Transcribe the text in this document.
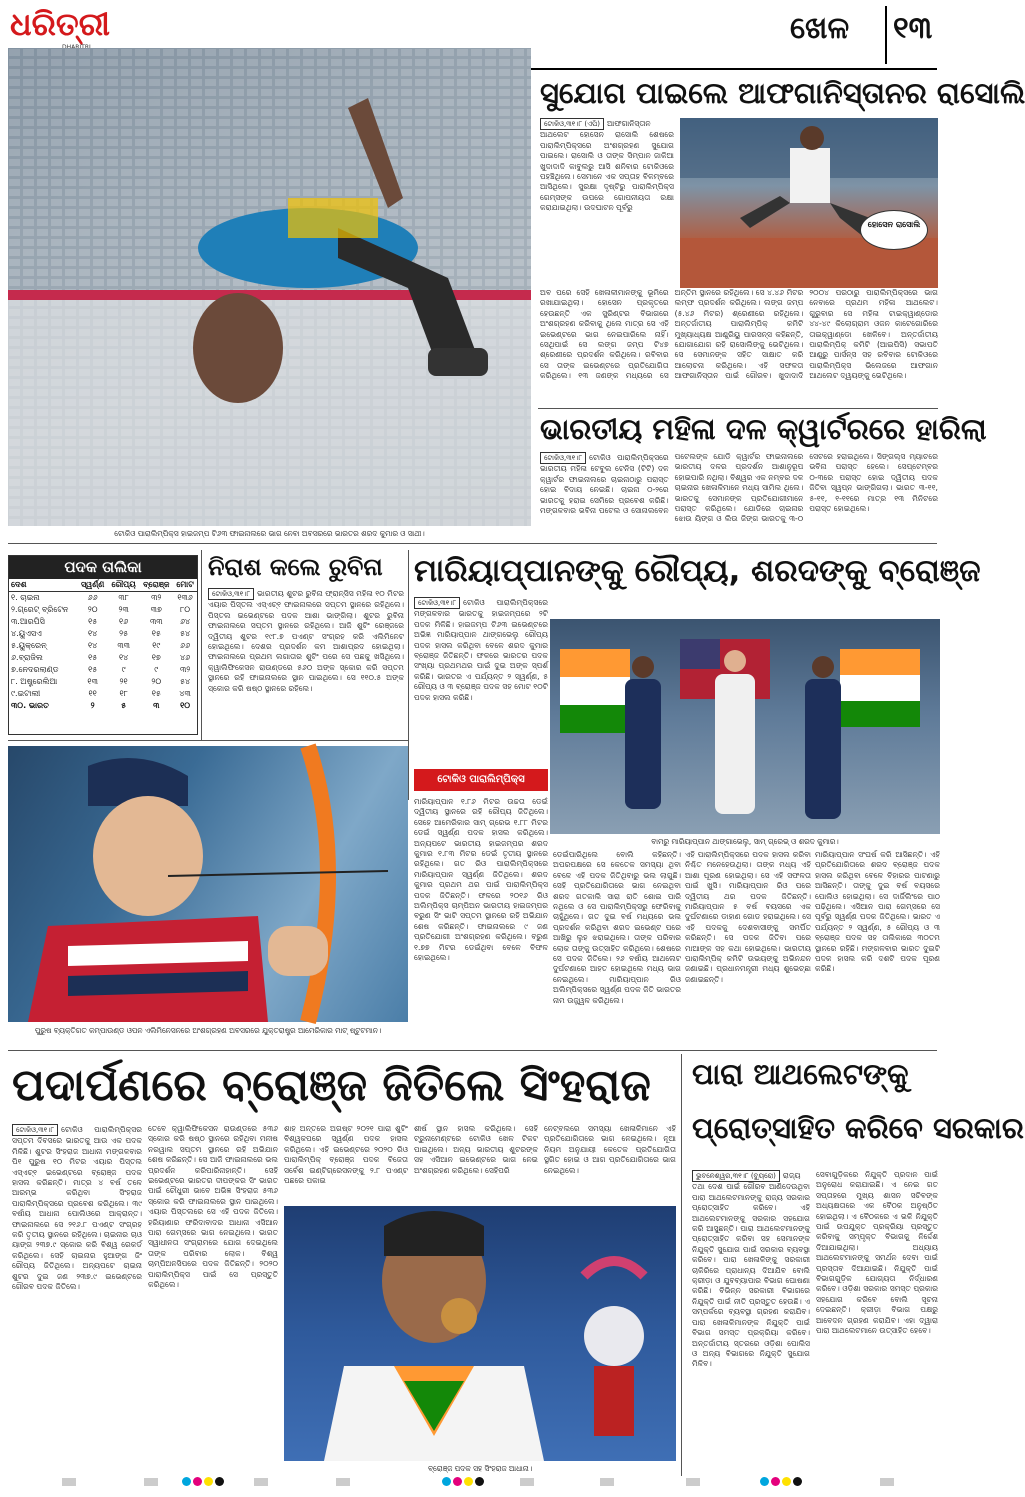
ଧରିତ୍ରୀ	ଖେଳ ୧୩
ଟୋକିଓ ପାରାଲିମ୍ପିକ୍ସ ହାଇଜମ୍ପ ଟି୬୩ ଫାଇନାଲରେ ଭାଗ ନେବା ଅବସରରେ ଭାରତର ଶରଦ କୁମାର ଓ ସାଥୀ।
ସୁଯୋଗ ପାଇଲେ ଆଫଗାନିସ୍ତାନର ରାସୋଲି
ଟୋକିଓ,୩୧।୮ (ଏପି) ଆଫଗାନିସ୍ତାନ ଆଥଲେଟ ହୋସେନ ରାସୋଲି ଶେଷରେ ପାରାଲିମ୍ପିକ୍ସରେ ଅଂଶଗ୍ରହଣ ସୁଯୋଗ ପାଇଲେ। ରାସୋଲି ଓ ତାଙ୍କ ସିମ୍ପାନ ଜାକିଆ ଖୁଦାଦାଦି କାବୁଲରୁ ଆସି ଶନିବାର ଟୋକିଓରେ ପହଞ୍ଚିଥିଲେ। ସେମାନେ ଏକ ସପ୍ତାହ ବିଳମ୍ବରେ ଆସିଥିଲେ। ସୁରକ୍ଷା ଦୃଷ୍ଟିରୁ ପାରାଲିମ୍ପିକ୍ସ ଗେମ୍ସଙ୍କ ଉପରେ ଗୋପନୀୟତା ରକ୍ଷା କରାଯାଇଥିଲା। ଉଦଘାଟନ ପୂର୍ବରୁ
ହୋସେନ ରାସୋଲି
ଅବ ପରେ ସେହି ଖେଳାଳୀମାନଙ୍କୁ ଭୂମିରେ ରଖାଯାଇଥିଲା। ହୋସେନ ପ୍ରକୃତରେ ହେଉଛନ୍ତି ଏକ ସ୍ପ୍ରିଣ୍ଟର ବିଭାଗରେ ଅଂଶଗ୍ରହଣ କରିବାକୁ ଥିଲେ ମାତ୍ର ସେ ଏହି ଇଭେଣ୍ଟରେ ଭାଗ ନେଇପାରିଲେ ନାହିଁ। ସେଥିପାଇଁ ସେ ଲଙ୍ଗ ଜମ୍ପ ଟି୪୭ ଶ୍ରେଣୀରେ ପ୍ରଦର୍ଶନ କରିଥିଲେ। ରବିବାର ସେ ତାଙ୍କ ଇଭେଣ୍ଟରେ ପ୍ରତିଯୋଗିତା କରିଥିଲେ। ୧୩ ଜଣଙ୍କ ମଧ୍ୟରେ ସେ ଅନ୍ତିମ ସ୍ଥାନରେ ରହିଥିଲେ। ସେ ୪.୪୬ ମିଟର ଲମ୍ଫ ପ୍ରଦର୍ଶନ କରିଥିଲେ। ଲଙ୍ଗ ଜମ୍ପ (୫.୪୬ ମିଟର) ଶ୍ରେଣୀରେ ରହିଥିଲେ। ଅନ୍ତର୍ଜାତୀୟ ପାରାଲିମ୍ପିକ୍ କମିଟି ମୁଖ୍ୟାଧ୍ୟକ୍ଷ ଆଣ୍ଡ୍ରିୟୁ ପାରସନ୍ସ କହିଛନ୍ତି, ଯୋଗାଯୋଗ ରହି ରାସୋଲିଙ୍କୁ ଭେଟିଥିଲେ। ସେ ସେମାନଙ୍କ ସହିତ ସାକ୍ଷାତ କରି ଆଲୋଚନା କରିଥିଲେ। ଏହି ସଫଳତା ଆଫଗାନିସ୍ତାନ ପାଇଁ ଗୌରବ। ଖୁଦାଦାଦି ୨୦୦୪ ପରଠାରୁ ପାରାଲିମ୍ପିକ୍ସରେ ଭାଗ ନେବାରେ ପ୍ରଥମ ମହିଳା ଆଥଲେଟ। ଗୁରୁବାର ସେ ମହିଳା ଟାଇକ୍ୱାଣ୍ଡୋର ୪୪-୪୯ କିଲୋଗ୍ରାମ ଓଜନ କାଟେଗୋରିରେ ତାଇକ୍ୱାଣ୍ଡୋ ଖେଳିବେ। ଅନ୍ତର୍ଜାତୀୟ ପାରାଲିମ୍ପିକ୍ କମିଟି (ଆଇପିସି) ସଭାପତି ଆଣ୍ଡ୍ରୁ ପାର୍ସନ୍ସ ସହ ରବିବାର ଟୋକିଓରେ ପାରାଲିମ୍ପିକ୍ସ ଭିଲେଜରେ ଆଫଗାନ ଆଥଲେଟ ଦ୍ୱୟଙ୍କୁ ଭେଟିଥିଲେ।
ଭାରତୀୟ ମହିଳା ଦଳ କ୍ୱାର୍ଟରରେ ହାରିଲା
ଟୋକିଓ,୩୧।୮ ଟୋକିଓ ପାରାଲିମ୍ପିକ୍ସରେ ଭାରତୀୟ ମହିଳା ଟେବୁଲ ଟେନିସ (ଟିଟି) ଦଳ କ୍ୱାର୍ଟର ଫାଇନାଲରେ ଚାଇନାଠାରୁ ପରାସ୍ତ ହୋଇ ବିଦାୟ ନେଇଛି। ଚାଇନା ୦-୨ରେ ଭାରତକୁ ହରାଇ ସେମିରେ ପ୍ରବେଶ କରିଛି। ମଙ୍ଗଳବାର ଭବିନା ପଟେଲ ଓ ସୋନାଲବେନ ପଟେଲଙ୍କ ଯୋଡି କ୍ୱାର୍ଟର ଫାଇନାଲରେ ଭାରତୀୟ ଦଳର ପ୍ରଦର୍ଶନ ଆଶାନୁରୂପ ହୋଇପାରି ନଥିଲା। ବିଶ୍ୱର ଏକ ନମ୍ବର ଦଳ ଚାଇନାର ଖେଳାଳିମାନେ ମଧ୍ୟ ସାମିଲ ଥିଲେ। ଭାରତକୁ ସେମାନଙ୍କ ପ୍ରତିଯୋଗୀମାନେ ପରାସ୍ତ କରିଥିଲେ। ଯୋଡିରେ ଚାଇନାର ଝୋଉ ୟିଙ୍ଗ ଓ ଲିଉ ଜିଙ୍ଗ ଭାରତକୁ ୩-୦ ସେଟରେ ହରାଇଥିଲେ। ସିଙ୍ଗଲ୍ସ ମ୍ୟାଚରେ ଭବିନା ପରାସ୍ତ ହେଲେ। ସେପ୍ଟେମ୍ବର ୦-୩ରେ ପରାସ୍ତ ହୋଇ ଦ୍ୱିତୀୟ ପଦକ ଜିତିବା ସ୍ୱପ୍ନ ଭାଙ୍ଗିଗଲା। ଭାରତ ୩-୧୧, ୫-୧୧, ୧-୧୧ରେ ମାତ୍ର ୧୩ ମିନିଟରେ ପରାସ୍ତ ହୋଇଥିଲେ।
ପଦକ ତାଲିକା
ଦେଶ	ସ୍ୱର୍ଣ୍ଣ	ରୌପ୍ୟ	ବ୍ରୋଞ୍ଜ	ମୋଟ
୧. ଚାଇନା	୬୬	୩୮	୩୨	୧୩୬
୨.ଗ୍ରେଟ୍ ବ୍ରିଟେନ	୨୦	୨୩	୩୭	୮୦
୩.ଆରପିସି	୧୫	୧୬	୩୩	୬୪
୪.ୟୁଏସଏ	୧୪	୨୫	୧୫	୫୪
୫.ୟୁକ୍ରେନ୍	୧୪	୩୩	୧୯	୬୬
୬.ବ୍ରାଜିଲ	୧୫	୧୪	୧୭	୪୬
୭.ନେଦରଲାଣ୍ଡ	୧୫	୯	୯	୩୨
୮. ଅଷ୍ଟ୍ରେଲିଆ	୧୩	୨୧	୨୦	୫୪
୯.ଇଟାଲୀ	୧୧	୧୮	୧୫	୪୩
୩୦. ଭାରତ	୨	୫	୩	୧୦
ନିରାଶ କଲେ ରୁବିନା
ଟୋକିଓ,୩୧।୮ ଭାରତୀୟ ଶୁଟର ରୁବିନା ଫ୍ରାନ୍ସିସ ମହିଳା ୧୦ ମିଟର ଏୟାର ପିସ୍ତଲ ଏସ୍‌ଏଚ୍‌୧ ଫାଇନାଲରେ ସପ୍ତମ ସ୍ଥାନରେ ରହିଥିଲେ। ପିସ୍ତଲ ଇଭେଣ୍ଟରେ ପଦକ ଆଶା ଭାଙ୍ଗିଲା। ଶୁଟର ରୁବିନା ଫାଇନାଲରେ ସପ୍ତମ ସ୍ଥାନରେ ରହିଥିଲେ। ଆଜି ଶୁଟିଂ ରେଞ୍ଜରେ ଦ୍ୱିତୀୟ ଶୁଟର ୧୯୮.୭ ପଏଣ୍ଟ ସଂଗ୍ରହ କରି ଏଲିମିନେଟ ହୋଇଥିଲେ। ଦେଶର ପ୍ରଦର୍ଶନ କମ ଆଶାପ୍ରଦ ହୋଇଥିଲା। ଫାଇନାଲରେ ପ୍ରଥମ ଲଗାତାର ଶୁଟିଂ ପରେ ସେ ପଛକୁ ଖସିଥିଲେ। କ୍ୱାଲିଫିକେସନ ରାଉଣ୍ଡରେ ୫୬୦ ଅଙ୍କ ସ୍କୋର କରି ସପ୍ତମ ସ୍ଥାନରେ ରହି ଫାଇନାଲରେ ସ୍ଥାନ ପାଇଥିଲେ। ସେ ୧୧୦.୫ ଅଙ୍କ ସ୍କୋର କରି ଷଷ୍ଠ ସ୍ଥାନରେ ରହିଲେ।
ମାରିୟାପ୍ପାନଙ୍କୁ ରୌପ୍ୟ, ଶରଦଙ୍କୁ ବ୍ରୋଞ୍ଜ
ଟୋକିଓ,୩୧।୮ ଟୋକିଓ ପାରାଲିମ୍ପିକ୍ସରେ ମଙ୍ଗଳବାର ଭାରତକୁ ହାଇଜମ୍ପରେ ୨ଟି ପଦକ ମିଳିଛି। ହାଇଜମ୍ପ ଟି୬୩ ଇଭେଣ୍ଟରେ ଅଭିଜ୍ଞ ମାରିୟାପ୍ପାନ ଥାଙ୍ଗଭେଲୁ ରୌପ୍ୟ ପଦକ ହାସଲ କରିଥିବା ବେଳେ ଶରଦ କୁମାର ବ୍ରୋଞ୍ଜ ଜିତିଛନ୍ତି। ଫଳରେ ଭାରତର ପଦକ ସଂଖ୍ୟା ପ୍ରଥମଥର ପାଇଁ ଦୁଇ ଅଙ୍କ ସ୍ପର୍ଶ କରିଛି। ଭାରତର ଏ ପର୍ଯ୍ୟନ୍ତ ୨ ସ୍ୱର୍ଣ୍ଣ, ୫ ରୌପ୍ୟ ଓ ୩ ବ୍ରୋଞ୍ଜ ପଦକ ସହ ମୋଟ ୧୦ଟି ପଦକ ହାସଲ କରିଛି।
ବାମରୁ ମାରିୟାପ୍ପାନ ଥାଙ୍ଗାଭେଲୁ, ସାମ୍ ଗ୍ରେଭ୍ ଓ ଶରଦ କୁମାର।
ଟୋକିଓ ପାରାଲିମ୍ପିକ୍ସ
ମାରିୟାପ୍ପାନ ୧.୮୬ ମିଟର ଉଚ୍ଚତା ଡେଇଁ ଦ୍ୱିତୀୟ ସ୍ଥାନରେ ରହି ରୌପ୍ୟ ଜିତିଥିଲେ। ସେହେ ଆମେରିକାର ସାମ୍ ଗ୍ରେଭ ୧.୮୮ ମିଟର ଡେଇଁ ସ୍ୱର୍ଣ୍ଣ ପଦକ ହାସଲ କରିଥିଲେ। ଅନ୍ୟପଟେ ଭାରତୀୟ ହାଇଜମ୍ପର ଶରଦ କୁମାର ୧.୮୩ ମିଟର ଡେଇଁ ତୃତୀୟ ସ୍ଥାନରେ ରହିଥିଲେ। ଗତ ରିଓ ପାରାଲିମ୍ପିକ୍ସରେ ମାରିୟାପ୍ପାନ ସ୍ୱର୍ଣ୍ଣ ଜିତିଥିଲେ। ଶରଦ କୁମାର ପ୍ରଥମ ଥର ପାଇଁ ପାରାଲିମ୍ପିକ୍ସ ପଦକ ଜିତିଛନ୍ତି। ଫଳରେ ୨୦୧୬ ରିଓ ଅଲିମ୍ପିକ୍ସ ଚାମ୍ପିଅନ ଭାରତୀୟ ହାଇଜମ୍ପର ବରୁଣ ସିଂ ଭାଟି ସପ୍ତମ ସ୍ଥାନରେ ରହି ଅଭିଯାନ ଶେଷ କରିଛନ୍ତି। ଫାଇନାଲରେ ୯ ଜଣ ପ୍ରତିଯୋଗୀ ଅଂଶଗ୍ରହଣ କରିଥିଲେ। ବରୁଣ ୧.୭୭ ମିଟର ଡେଇଁଥିବା ବେଳେ ବିଫଳ ହୋଇଥିଲେ।
ଡେଇଁପାରିଥିଲେ ବୋଲି କହିଛନ୍ତି। ଅପରପକ୍ଷରେ ସେ କେତେକ ସମସ୍ୟା ଥିବା ବେଳେ ଏହି ପଦକ ଜିତିଥିବାରୁ ଭଲ ଲାଗୁଛି। ସେହି ପ୍ରତିଯୋଗିତାରେ ଭାଗ ନେଇଥିବା ଶରଦ ଗତକାଲି ସାରା ରାତି ଶୋଇ ପାରି ନଥିଲେ ଓ ସେ ପାରାଲିମ୍ପିକ୍ସରୁ ଫେରିବାକୁ ଚାହୁଁଥିଲେ। ଗତ ଦୁଇ ବର୍ଷ ମଧ୍ୟରେ ଭଲ ପ୍ରଦର୍ଶନ କରିଥିବା ଶରଦ ଇଭେଣ୍ଟ ପରେ ଆଖିରୁ ଲୁହ ଝରାଇଥିଲେ। ତାଙ୍କ ପରିବାର ଲୋକ ତାଙ୍କୁ ଉତ୍ସାହିତ କରିଥିଲେ। ଶେଷରେ ସେ ପଦକ ଜିତିଲେ। ୨୬ ବର୍ଷୀୟ ଆଥଲେଟ ଦୁର୍ଘଟଣାରେ ଆହତ ହୋଇଥିଲେ ମଧ୍ୟ ଭାଗ ନେଇଥିଲେ। ମାରିୟାପ୍ପାନ ରିଓ ଅଲିମ୍ପିକ୍ସରେ ସ୍ୱର୍ଣ୍ଣ ପଦକ ଜିତି ଭାରତର ନାମ ଉଜ୍ଜ୍ୱଳ କରିଥିଲେ।
ଏହି ପାରାଲିମ୍ପିକ୍ସରେ ପଦକ ହାସଲ କରିବା ନିଶ୍ଚିତ ମନେହେଉଥିଲା। ତାଙ୍କ ମଧ୍ୟ ଏହି ଆଶା ପୂରଣ ହୋଇଥିଲା। ସେ ଏହି ସଫଳତା ପାଇଁ ଖୁସି। ମାରିୟାପ୍ପାନ ରିଓ ପରେ ଦ୍ୱିତୀୟ ଥର ପଦକ ଜିତିଛନ୍ତି। ମାରିୟାପ୍ପାନ ୫ ବର୍ଷ ବୟସରେ ଏକ ଦୁର୍ଘଟଣାରେ ଡାହାଣ ଗୋଡ ହରାଇଥିଲେ। ସେ ଏହି ପଦକକୁ ଦେଶବାସୀଙ୍କୁ ସମର୍ପିତ କରିଛନ୍ତି। ସେ ପଦକ ଜିତିବା ପରେ ମାଆଙ୍କ ସହ କଥା ହୋଇଥିଲେ। ଭାରତୀୟ ପାରାଲିମ୍ପିକ୍ କମିଟି ଉଭୟଙ୍କୁ ଅଭିନନ୍ଦନ ଜଣାଇଛି। ପ୍ରଧାନମନ୍ତ୍ରୀ ମଧ୍ୟ ଶୁଭେଚ୍ଛା ଜଣାଇଛନ୍ତି।
ମାରିୟାପ୍ପାନ ସଂଘର୍ଷ କରି ଆସିଛନ୍ତି। ଏହି ପ୍ରତିଯୋଗିତାରେ ଶରଦ ବ୍ରୋଞ୍ଜ ପଦକ ହାସଲ କରିଥିବା ବେଳେ ବିହାରର ପାଟଣାରୁ ଆସିଛନ୍ତି। ତାଙ୍କୁ ଦୁଇ ବର୍ଷ ବୟସରେ ପୋଲିଓ ହୋଇଥିଲା। ସେ ଦାର୍ଜିଲିଂରେ ପାଠ ପଢିଥିଲେ। ଏସିଆନ ପାରା ଗେମ୍ସରେ ସେ ପୂର୍ବରୁ ସ୍ୱର୍ଣ୍ଣ ପଦକ ଜିତିଥିଲେ। ଭାରତ ଏ ପର୍ଯ୍ୟନ୍ତ ୨ ସ୍ୱର୍ଣ୍ଣ, ୫ ରୌପ୍ୟ ଓ ୩ ବ୍ରୋଞ୍ଜ ପଦକ ସହ ତାଲିକାରେ ୩୦ତମ ସ୍ଥାନରେ ରହିଛି। ମଙ୍ଗଳବାର ଭାରତ ଦୁଇଟି ପଦକ ହାସଲ କରି ଦଶଟି ପଦକ ପୂରଣ କରିଛି।
ପୁରୁଷ ବ୍ୟକ୍ତିଗତ କମ୍ପାଉଣ୍ଡ ଓପନ ଏଲିମିନେସନରେ ଅଂଶଗ୍ରହଣ ଅବସରରେ ଯୁକ୍ତରାଷ୍ଟ୍ର ଆମେରିକାର ମାଟ୍ ଷ୍ଟୁଟମାନ।
ପଦାର୍ପଣରେ ବ୍ରୋଞ୍ଜ ଜିତିଲେ ସିଂହରାଜ
ଟୋକିଓ,୩୧।୮ ଟୋକିଓ ପାରାଲିମ୍ପିକ୍ସର ସପ୍ତମ ଦିବସରେ ଭାରତକୁ ଆଉ ଏକ ପଦକ ମିଳିଛି। ଶୁଟର ସିଂହରାଜ ଆଧାନା ମଙ୍ଗଳବାର ପି୧ ପୁରୁଷ ୧୦ ମିଟର ଏୟାର ପିସ୍ତଲ ଏସ୍‌ଏଚ୍‌୧ ଇଭେଣ୍ଟରେ ବ୍ରୋଞ୍ଜ ପଦକ ହାସଲ କରିଛନ୍ତି। ମାତ୍ର ୪ ବର୍ଷ ତଳେ ଆରମ୍ଭ କରିଥିବା ସିଂହରାଜ ପାରାଲିମ୍ପିକ୍ସରେ ପ୍ରବେଶ କରିଥିଲେ। ୩୯ ବର୍ଷୀୟ ଆଧାନା ପୋଲିଓରେ ଆକ୍ରାନ୍ତ। ଫାଇନାଲରେ ସେ ୨୧୬.୮ ପଏଣ୍ଟ ସଂଗ୍ରହ କରି ତୃତୀୟ ସ୍ଥାନରେ ରହିଥିଲେ। ଚାଇନାର ଚାଓ ୟାଙ୍ଗ ୨୩୭.୯ ସ୍କୋର କରି ବିଶ୍ୱ ରେକର୍ଡ କରିଥିଲେ। ସେହି ଚାଇନାର ହୁଆଙ୍ଗ ଜିଂ ରୌପ୍ୟ ଜିତିଥିଲେ। ଅନ୍ୟପଟେ ଚାଇନା ଶୁଟର ଦୁଇ ଜଣ ୨୩୭.୯ ଇଭେଣ୍ଟରେ ଗୌରବ ପଦକ ଜିତିଲେ।
ତେବେ କ୍ୱାଲିଫିକେସନ ରାଉଣ୍ଡରେ ୫୩୬ ସ୍କୋର କରି ଷଷ୍ଠ ସ୍ଥାନରେ ରହିଥିବା ମନୀଷ ନରୱାଲ ସପ୍ତମ ସ୍ଥାନରେ ରହି ଅଭିଯାନ ଶେଷ କରିଛନ୍ତି। ସେ ଆଜି ଫାଇନାଲରେ ଭଲ ପ୍ରଦର୍ଶନ କରିପାରିନାହାନ୍ତି। ସେହି ଇଭେଣ୍ଟରେ ଭାରତର ଦୀପଙ୍କର ସିଂ ଭାରତ ପାଇଁ ଚୌଧୁରୀ ଭାବେ ଅଭିଜ୍ଞ ସିଂହରାଜ ୫୩୬ ସ୍କୋର କରି ଫାଇନାଲରେ ସ୍ଥାନ ପାଇଥିଲେ। ଏୟାର ପିସ୍ତଲରେ ସେ ଏହି ପଦକ ଜିତିଲେ। ହରିୟାଣାର ଫରିଦାବାଦର ଆଧାନା ଏସିଆନ ପାରା ଗେମ୍ସରେ ଭାଗ ନେଇଥିଲେ। ଭାରତ ସ୍ୱାଧୀନତା ସଂଗ୍ରାମରେ ଯୋଗ ଦେଇଥିଲେ ତାଙ୍କ ପରିବାର ଲୋକ। ବିଶ୍ୱ ଚାମ୍ପିଅନସିପରେ ପଦକ ଜିତିଛନ୍ତି। ୨୦୨୦ ପାରାଲିମ୍ପିକ୍ସ ପାଇଁ ସେ ପ୍ରସ୍ତୁତି କରିଥିଲେ।
ଶାହ ଅନ୍ତରେ ଅଗଷ୍ଟ ୨୦୨୧ ପାରା ଶୁଟିଂ ବିଶ୍ୱକପରେ ସ୍ୱର୍ଣ୍ଣ ପଦକ ହାସଲ କରିଥିଲେ। ଏହି ଇଭେଣ୍ଟରେ ୨୦୨୦ ରିଓ ପାରାଲିମ୍ପିକ୍ ବ୍ରୋଞ୍ଜ ପଦକ ବିଜେତା ସର୍ବେଶ ଇଣ୍ଟିଗ୍ରେସନଙ୍କୁ ୨.୮ ପଏଣ୍ଟ ପଛରେ ପକାଇ
ଶୀର୍ଷ ସ୍ଥାନ ହାସଲ କରିଥିଲେ। ସେହି ଟ୍ରୁନାମେଣ୍ଟରେ ଟୋକିଓ ଖେଳ ଟିକଟ ପାଇଥିଲେ। ଅନ୍ୟ ଭାରତୀୟ ଶୁଟରଙ୍କ ସହ ଏସିଆନ ଇଭେଣ୍ଟରେ ଭାଗ ନେଇ ଅଂଶଗ୍ରହଣ କରିଥିଲେ। ସେହିପରି
ନେଟ୍‌ବଲରେ ସମସ୍ୟା ଖେଳାଳିମାନେ ଏହି ପ୍ରତିଯୋଗିତାରେ ଭାଗ ନେଇଥିଲେ। ନୂଆ ନିୟମ ଅନୁଯାୟୀ କେତେକ ପ୍ରତିଯୋଗିତା ସ୍ଥଗିତ ହୋଇ ଓ ଆଗ ପ୍ରତିଯୋଗିତାରେ ଭାଗ ନେଇଥିଲେ।
ବ୍ରୋଞ୍ଜ ପଦକ ସହ ସିଂହରାଜ ଆଧାନା।
ପାରା ଆଥଲେଟଙ୍କୁ
ପ୍ରୋତ୍ସାହିତ କରିବେ ସରକାର
ଭୁବନେଶ୍ୱର,୩୧।୮ (ବ୍ୟୁରୋ) ରାଜ୍ୟ ତଥା ଦେଶ ପାଇଁ ଗୌରବ ଆଣିଦେଉଥିବା ପାରା ଆଥଲେଟମାନଙ୍କୁ ରାଜ୍ୟ ସରକାର ପ୍ରୋତ୍ସାହିତ କରିବେ। ଏହି ଆଥଲେଟମାନଙ୍କୁ ସରକାର ସହଯୋଗ କରି ଆସୁଛନ୍ତି। ପାରା ଆଥଲେଟମାନଙ୍କୁ ପ୍ରୋତ୍ସାହିତ କରିବା ସହ ସେମାନଙ୍କ ନିଯୁକ୍ତି ସୁଯୋଗ ପାଇଁ ସରକାର ବ୍ୟବସ୍ଥା କରିବେ। ପାରା ଖେଳାଳିଙ୍କୁ ସରକାରୀ ଚାକିରିରେ ପ୍ରାଧାନ୍ୟ ଦିଆଯିବ ବୋଲି କ୍ରୀଡ଼ା ଓ ଯୁବବ୍ୟାପାର ବିଭାଗ ଘୋଷଣା କରିଛି। ବିଭିନ୍ନ ସରକାରୀ ବିଭାଗରେ ନିଯୁକ୍ତି ପାଇଁ ନୀତି ପ୍ରସ୍ତୁତ ହେଉଛି। ଏ ସମ୍ପର୍କରେ ବ୍ୟବସ୍ଥା ଗ୍ରହଣ କରାଯିବ। ପାରା ଖେଳାଳିମାନଙ୍କ ନିଯୁକ୍ତି ପାଇଁ ବିଭାଗ ସମସ୍ତ ପ୍ରକ୍ରିୟା କରିବେ। ଅନ୍ତର୍ଜାତୀୟ ସ୍ତରରେ ଓଡ଼ିଶା ପୋଲିସ ଓ ଅନ୍ୟ ବିଭାଗରେ ନିଯୁକ୍ତି ସୁଯୋଗ ମିଳିବ।
ସେବାଗୁଡ଼ିକରେ ନିଯୁକ୍ତି ପ୍ରଦାନ ପାଇଁ ଅନୁରୋଧ କରାଯାଇଛି। ଏ ନେଇ ଗତ ସପ୍ତାହରେ ମୁଖ୍ୟ ଶାସନ ସଚିବଙ୍କ ଅଧ୍ୟକ୍ଷତାରେ ଏକ ବୈଠକ ଅନୁଷ୍ଠିତ ହୋଇଥିଲା। ଏ ବୈଠକରେ ଏ ଭଳି ନିଯୁକ୍ତି ପାଇଁ ଉପଯୁକ୍ତ ପ୍ରକ୍ରିୟା ପ୍ରସ୍ତୁତ କରିବାକୁ ସମ୍ପୃକ୍ତ ବିଭାଗକୁ ନିର୍ଦ୍ଦେଶ ଦିଆଯାଇଥିଲା। ଅଧ୍ୟାୟ ଆଥଲେଟମାନଙ୍କୁ ସମର୍ଥନ ଦେବା ପାଇଁ ପ୍ରସ୍ତାବ ଦିଆଯାଇଛି। ନିଯୁକ୍ତି ପାଇଁ ବିଭାଗଗୁଡ଼ିକ ଯୋଗ୍ୟତା ନିର୍ଦ୍ଧାରଣ କରିବେ। ଓଡ଼ିଶା ସରକାର ସମସ୍ତ ପ୍ରକାର ସହଯୋଗ କରିବେ ବୋଲି ସୂଚନା ଦେଇଛନ୍ତି। କ୍ରୀଡ଼ା ବିଭାଗ ପକ୍ଷରୁ ଆବେଦନ ଗ୍ରହଣ କରାଯିବ। ଏହା ଦ୍ୱାରା ପାରା ଆଥଲେଟମାନେ ଉତ୍ସାହିତ ହେବେ।
